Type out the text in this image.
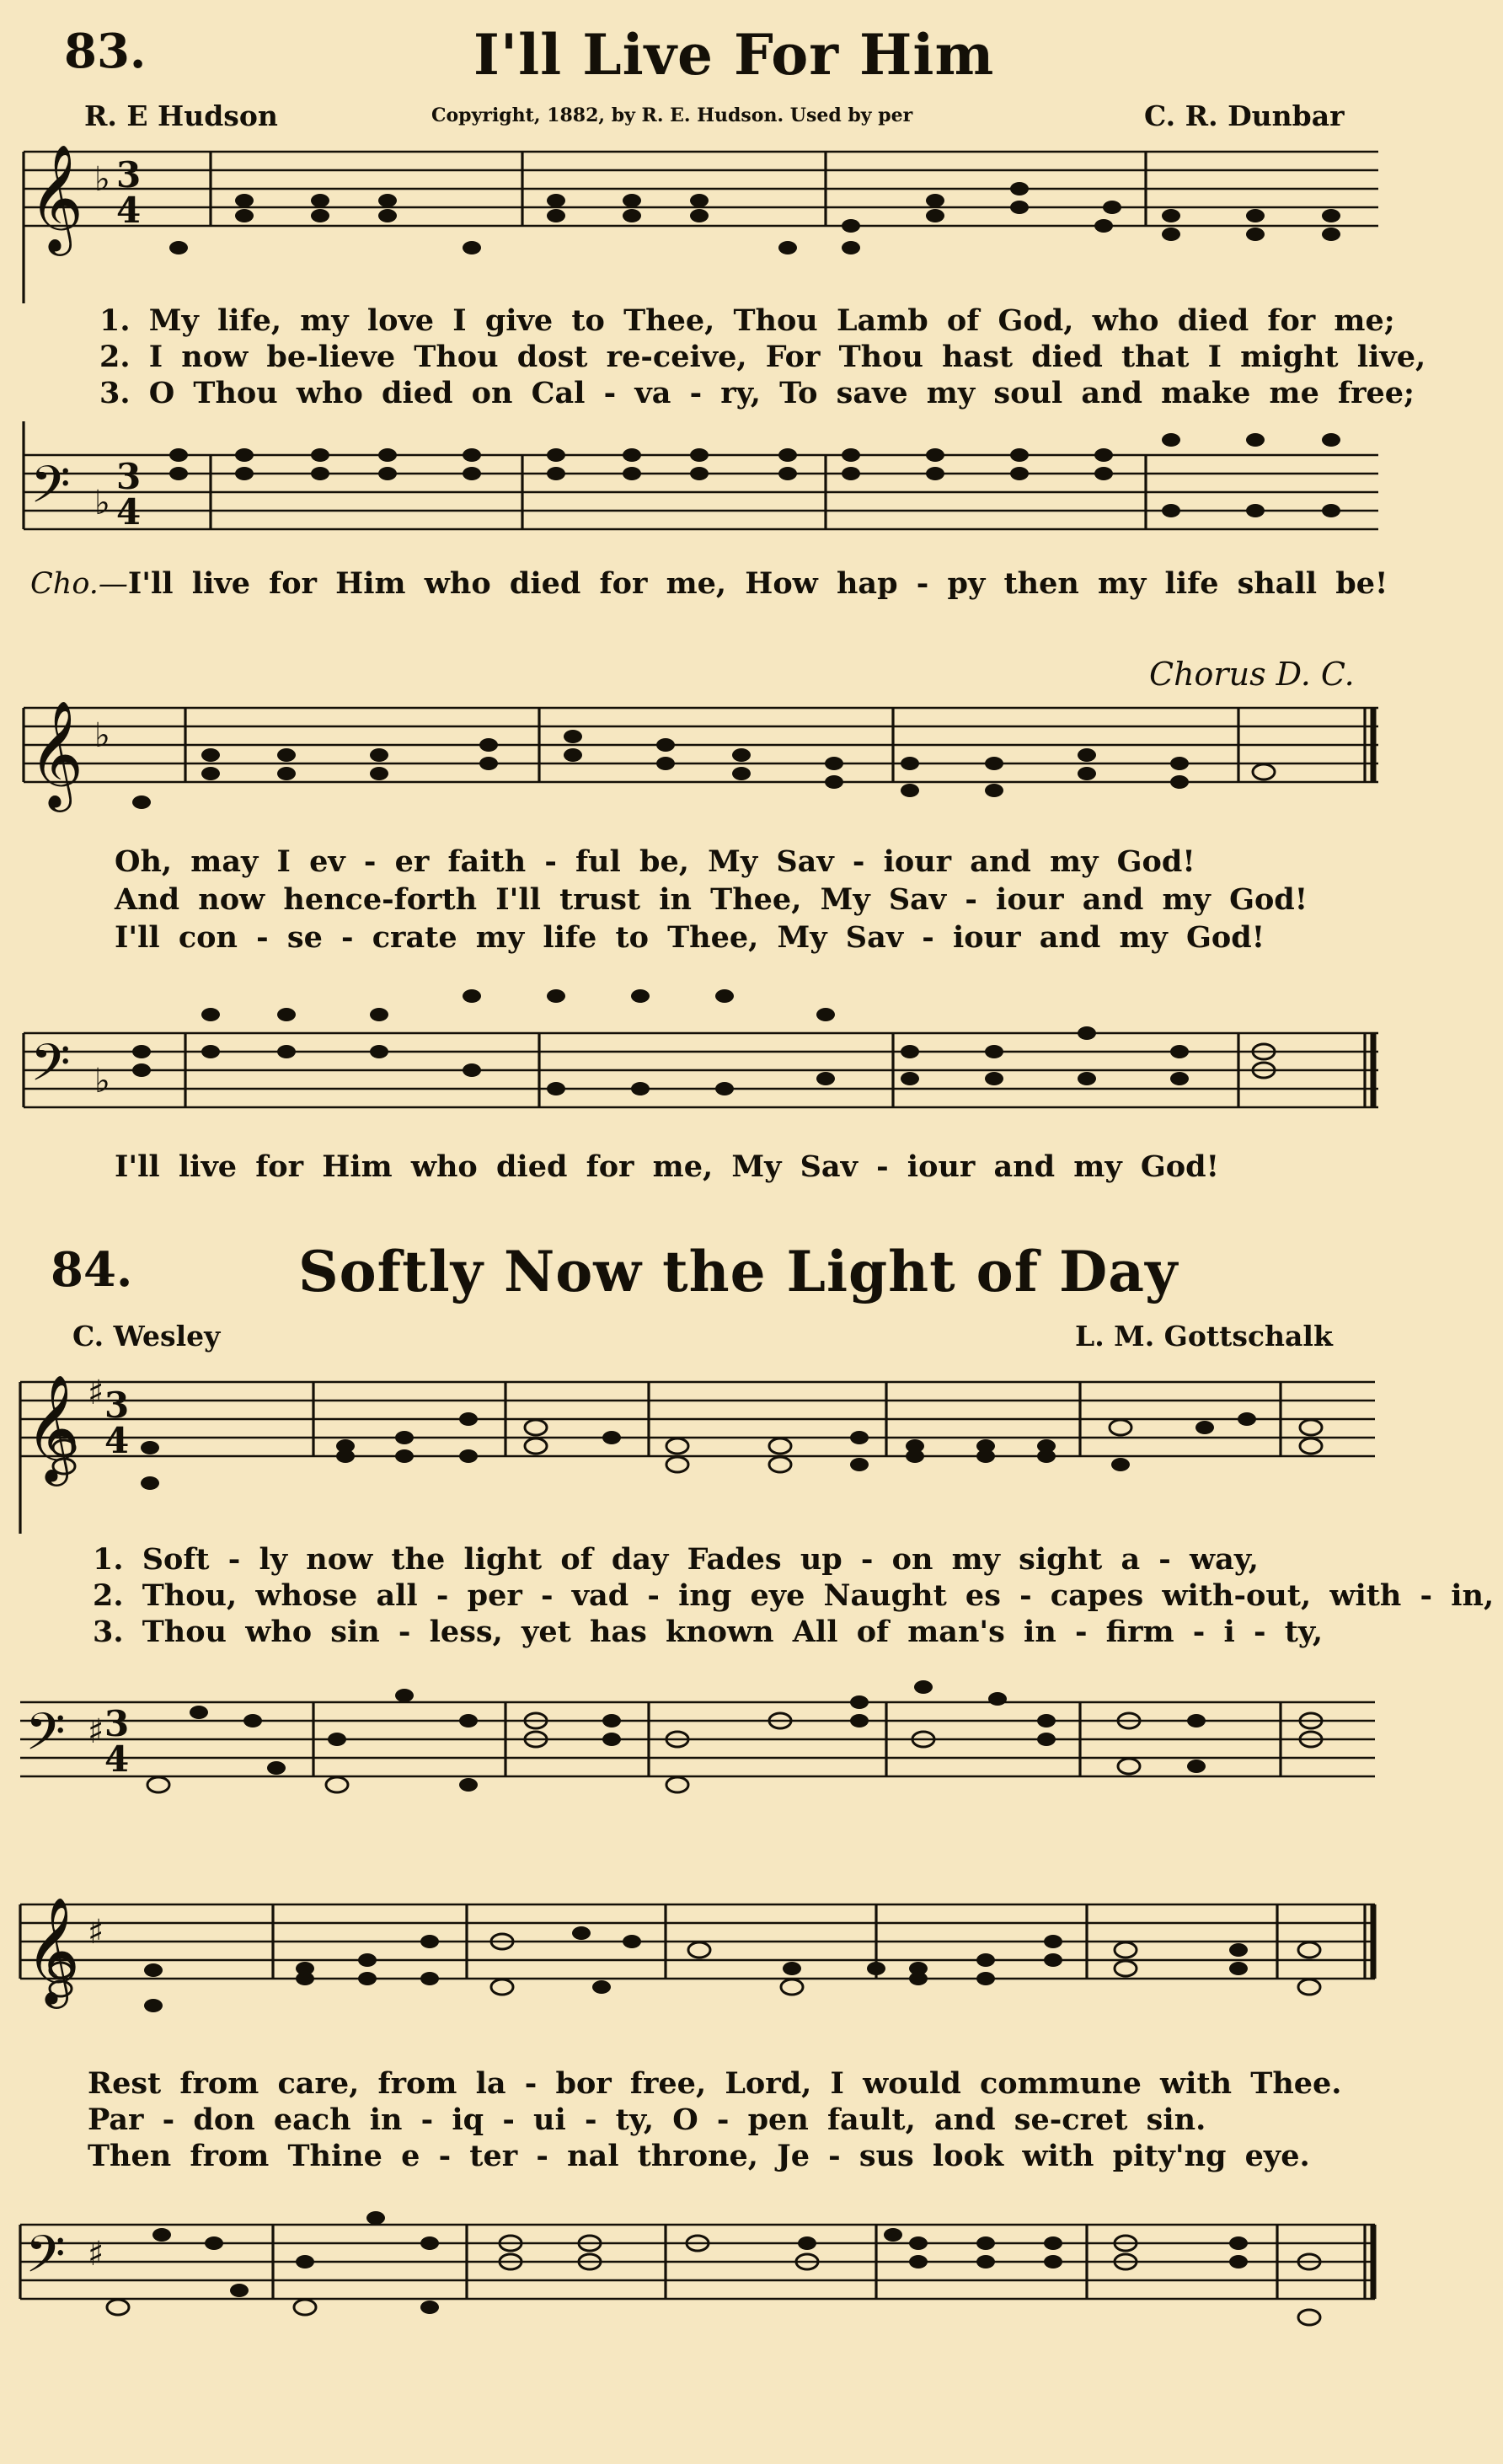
83.	I'll Live For Him
R. E Hudson	Copyright, 1882, by R. E. Hudson. Used by per	C. R. Dunbar
𝄞 ♭ 3
4
1. My life, my love I give to Thee, Thou Lamb of God, who died for me;
2. I now be-lieve Thou dost re-ceive, For Thou hast died that I might live,
3. O Thou who died on Cal - va - ry, To save my soul and make me free;
𝄢 ♭
3
4
Cho.—I'll live for Him who died for me, How hap - py then my life shall be!
Chorus D. C.
𝄞 ♭
Oh, may I ev - er faith - ful be, My Sav - iour and my God!
And now hence-forth I'll trust in Thee, My Sav - iour and my God!
I'll con - se - crate my life to Thee, My Sav - iour and my God!
𝄢 ♭
I'll live for Him who died for me, My Sav - iour and my God!
84.	Softly Now the Light of Day
C. Wesley	L. M. Gottschalk
𝄞 ♯ 3
4
1. Soft - ly now the light of day Fades up - on my sight a - way,
2. Thou, whose all - per - vad - ing eye Naught es - capes with-out, with - in,
3. Thou who sin - less, yet has known All of man's in - firm - i - ty,
𝄢 ♯ 3
4
𝄞 ♯
Rest from care, from la - bor free, Lord, I would commune with Thee.
Par - don each in - iq - ui - ty, O - pen fault, and se-cret sin.
Then from Thine e - ter - nal throne, Je - sus look with pity'ng eye.
𝄢 ♯
